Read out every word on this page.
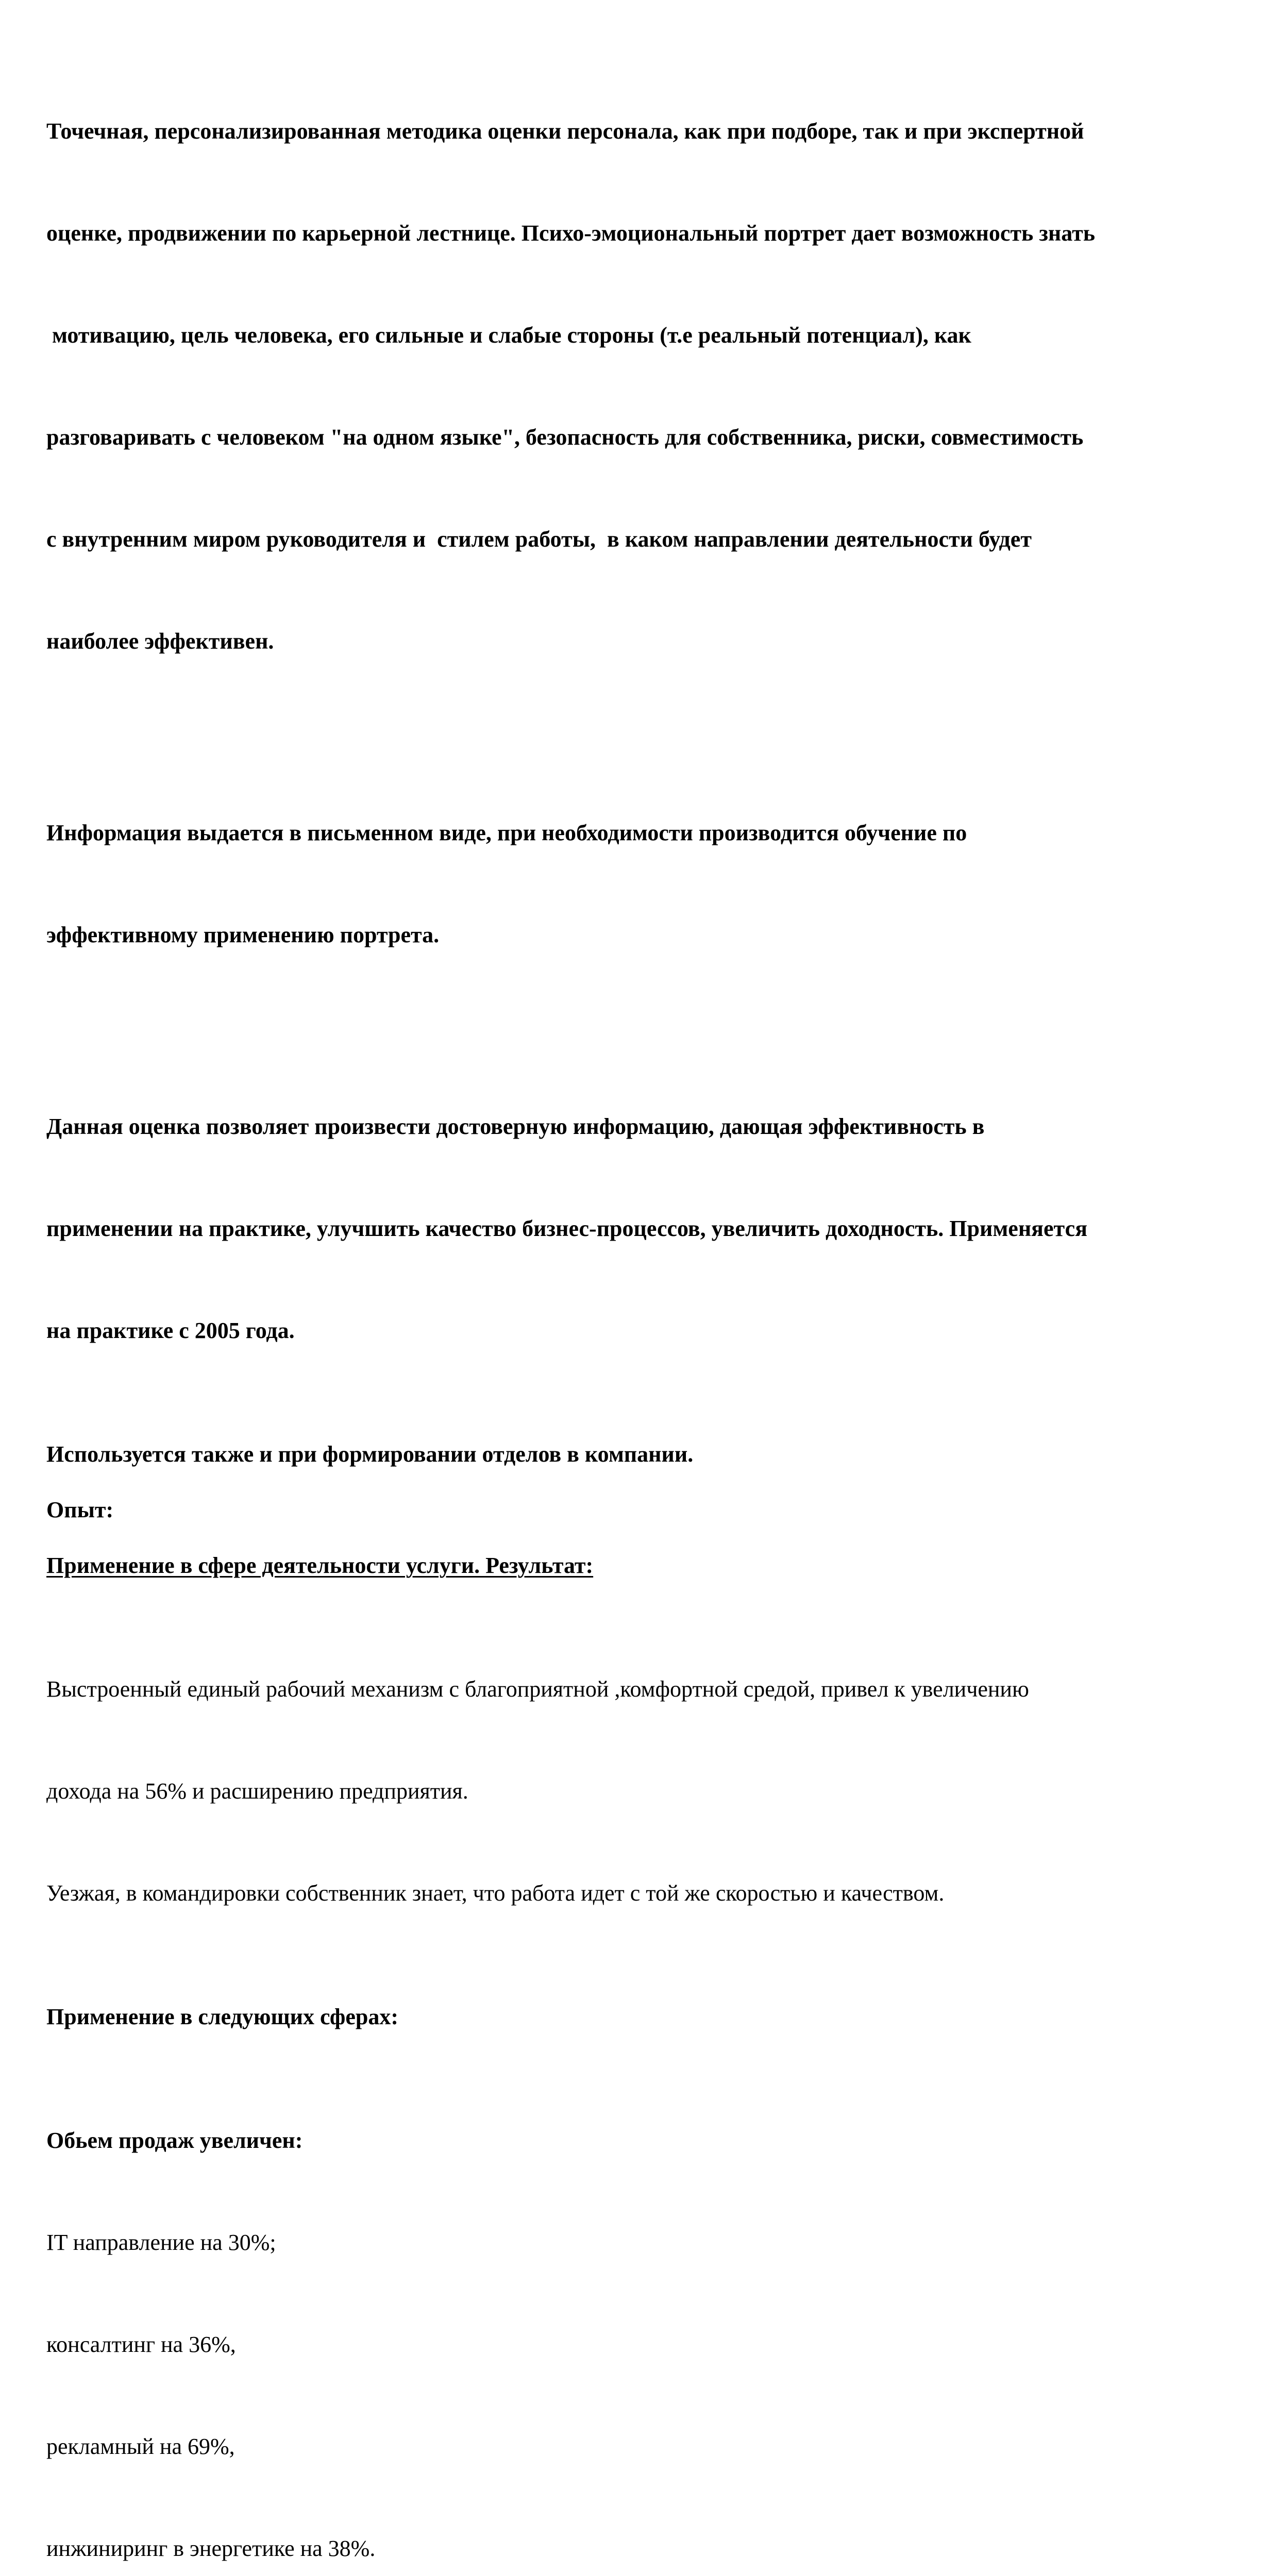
Точечная, персонализированная методика оценки персонала, как при подборе, так и при экспертной

оценке, продвижении по карьерной лестнице. Психо-эмоциональный портрет дает возможность знать

мотивацию, цель человека, его сильные и слабые стороны (т.е реальный потенциал), как

разговаривать с человеком "на одном языке", безопасность для собственника, риски, совместимость

с внутренним миром руководителя и  стилем работы,  в каком направлении деятельности будет

наиболее эффективен.

Информация выдается в письменном виде, при необходимости производится обучение по

эффективному применению портрета.

Данная оценка позволяет произвести достоверную информацию, дающая эффективность в

применении на практике, улучшить качество бизнес-процессов, увеличить доходность. Применяется

на практике с 2005 года.

Используется также и при формировании отделов в компании.

Опыт:

Применение в сфере деятельности услуги. Результат:

Выстроенный единый рабочий механизм с благоприятной ,комфортной средой, привел к увеличению

дохода на 56% и расширению предприятия.

Уезжая, в командировки собственник знает, что работа идет с той же скоростью и качеством.

Применение в следующих сферах:

Обьем продаж увеличен:

IT направление на 30%;

консалтинг на 36%,

рекламный на 69%,

инжиниринг в энергетике на 38%.
